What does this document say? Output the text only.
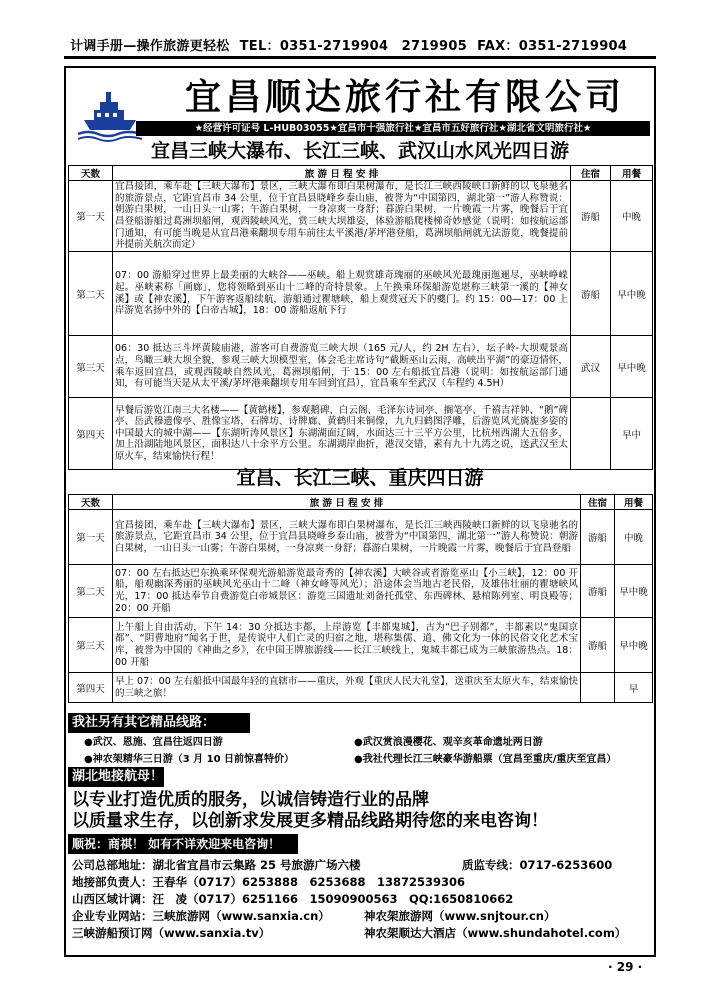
计调手册—操作旅游更轻松 TEL：0351-2719904　2719905 FAX：0351-2719904
宜昌顺达旅行社有限公司
★经营许可证号 L-HUB03055★宜昌市十强旅行社★宜昌市五好旅行社★湖北省文明旅行社★
宜昌三峡大瀑布、长江三峡、武汉山水风光四日游
天数	旅 游 日 程 安 排	住宿	用餐
第一天	宜昌接团，乘车赴【三峡大瀑布】景区，三峡大瀑布即白果树瀑布，是长江三峡西陵峡口新鲜的以飞泉驰名的旅游景点，它距宜昌市 34 公里，位于宜昌县晓峰乡泰山庙，被誉为“中国第四，湖北第一”游人称赞说：朝游白果树，一山日头一山雾；午游白果树，一身凉爽一身舒；暮游白果树，一片晚霞一片雾，晚餐后于宜昌登船游船过葛洲坝船闸，观西陵峡风光，赏三峡大坝雄姿，体验游船爬楼梯奇妙感觉（说明：如按航运部门通知，有可能当晚是从宜昌港乘翻坝专用车前往太平溪港/茅坪港登船，葛洲坝船闸就无法游览，晚餐提前并提前关航次而定）	游船	中晚
第二天	07：00 游船穿过世界上最美丽的大峡谷——巫峡。船上观赏雄奇瑰丽的巫峡风光最瑰丽迤逦尽，巫峡峥嵘起。巫峡素称「画廊」，您将领略到巫山十二峰的奇特景象。上午换乘环保船游览堪称三峡第一溪的【神女溪】或【神农溪】，下午游客返船续航，游船通过瞿塘峡，船上观赏冠天下的夔门。约 15：00—17：00 上岸游览名扬中外的【白帝古城】，18：00 游船返航下行	游船	早中晚
第三天	06：30 抵达三斗坪黄陵庙港，游客可自费游览三峡大坝（165 元/人，约 2H 左右），坛子岭-大坝观景高点，鸟瞰三峡大坝全貌，参观三峡大坝模型室，体会毛主席诗句“截断巫山云雨，高峡出平湖”的豪迈情怀，乘车返回宜昌，或观西陵峡自然风光，葛洲坝船闸，于 15：00 左右船抵宜昌港（说明：如按航运部门通知，有可能当天是从太平溪/茅坪港乘翻坝专用车回到宜昌），宜昌乘车至武汉（车程约 4.5H）	武汉	早中晚
第四天	早餐后游览江南三大名楼——【黄鹤楼】，参观鹅碑、白云阁、毛泽东诗词亭、搁笔亭、千禧吉祥钟、“鹅”碑亭、岳武穆遗像亭、胜像宝塔，石牌坊、诗牌廊、黄鹤归来铜像，九九归鹤图浮雕，后游览风光旖旎多姿的中国最大的城中湖——【东湖听涛风景区】东湖湖面辽阔，水面达三十三平方公里，比杭州西湖大五倍多，加上沿湖陆地风景区，面积达八十余平方公里。东湖湖岸曲折，港汊交错，素有九十九湾之说，送武汉至太原火车，结束愉快行程！		早中
宜昌、长江三峡、重庆四日游
天数	旅 游 日 程 安 排	住宿	用餐
第一天	宜昌接团，乘车赴【三峡大瀑布】景区，三峡大瀑布即白果树瀑布，是长江三峡西陵峡口新鲜的以飞泉驰名的旅游景点，它距宜昌市 34 公里，位于宜昌县晓峰乡泰山庙，被誉为“中国第四，湖北第一”游人称赞说：朝游白果树，一山日头一山雾；午游白果树，一身凉爽一身舒；暮游白果树，一片晚霞一片雾，晚餐后于宜昌登船	游船	中晚
第二天	07：00 左右抵达巴东换乘环保观光游船游览最奇秀的【神农溪】大峡谷或者游览巫山【小三峡】，12：00 开船，船观幽深秀丽的巫峡风光巫山十二峰（神女峰等风光）；沿途体会当地古老民俗，及雄伟壮丽的瞿塘峡风光，17：00 抵达奉节自费游览白帝城景区：游览三国遗址刘备托孤堂、东西碑林、悬棺陈列室、明良殿等；20：00 开船	游船	早中晚
第三天	上午船上自由活动，下午 14：30 分抵达丰都，上岸游览【丰都鬼城】，古为“巴子别都”，丰都素以“鬼国京都”、“阴曹地府”闻名于世，是传说中人们亡灵的归宿之地，堪称集儒、道、佛文化为一体的民俗文化艺术宝库，被誉为中国的《神曲之乡》，在中国王牌旅游线——长江三峡线上，鬼城丰都已成为三峡旅游热点。18：00 开船	游船	早中晚
第四天	早上 07：00 左右船抵中国最年轻的直辖市——重庆，外观【重庆人民大礼堂】，送重庆至太原火车，结束愉快的三峡之旅！		早
我社另有其它精品线路：
●武汉、恩施、宜昌往返四日游	●武汉赏浪漫樱花、观辛亥革命遗址两日游
●神农架精华三日游（3 月 10 日前惊喜特价）	●我社代理长江三峡豪华游船票（宜昌至重庆/重庆至宜昌）
湖北地接航母！
以专业打造优质的服务，以诚信铸造行业的品牌
以质量求生存，以创新求发展更多精品线路期待您的来电咨询！
顺祝：商祺！ 如有不详欢迎来电咨询！
公司总部地址：湖北省宜昌市云集路 25 号旅游广场六楼	质监专线：0717-6253600
地接部负责人：王春华（0717）6253888　6253688　13872539306
山西区域计调：汪　凌（0717）6251166　15090900563　QQ:1650810662
企业专业网站：三峡旅游网（www.sanxia.cn）	神农架旅游网（www.snjtour.cn）
三峡游船预订网（www.sanxia.tv）	神农架顺达大酒店（www.shundahotel.com）
· 29 ·
